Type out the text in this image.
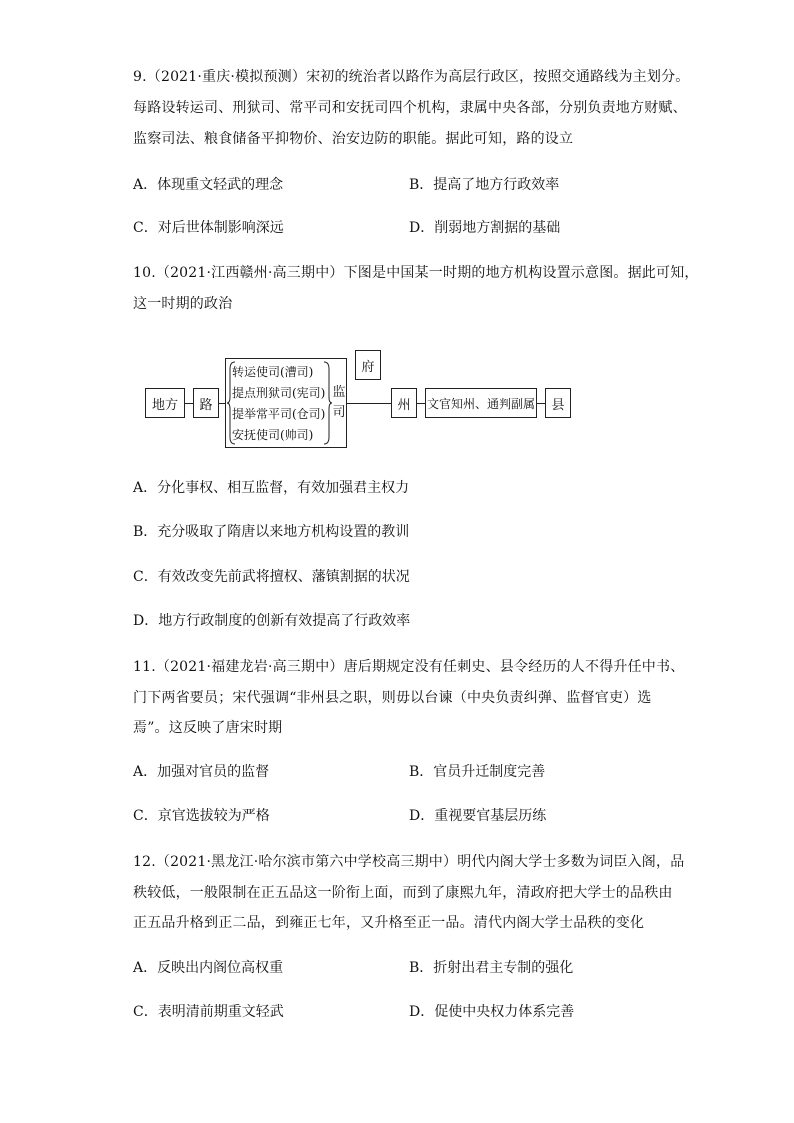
9.（2021·重庆·模拟预测）宋初的统治者以路作为高层行政区，按照交通路线为主划分。
每路设转运司、刑狱司、常平司和安抚司四个机构，隶属中央各部，分别负责地方财赋、
监察司法、粮食储备平抑物价、治安边防的职能。据此可知，路的设立
A．体现重文轻武的理念	B．提高了地方行政效率
C．对后世体制影响深远	D．削弱地方割据的基础
10.（2021·江西赣州·高三期中）下图是中国某一时期的地方机构设置示意图。据此可知，
这一时期的政治
地方	路
转运使司(漕司)
提点刑狱司(宪司)
提举常平司(仓司)
安抚使司(帅司)
监司
府
州	文官知州、通判副属	县
A．分化事权、相互监督，有效加强君主权力
B．充分吸取了隋唐以来地方机构设置的教训
C．有效改变先前武将擅权、藩镇割据的状况
D．地方行政制度的创新有效提高了行政效率
11.（2021·福建龙岩·高三期中）唐后期规定没有任刺史、县令经历的人不得升任中书、
门下两省要员；宋代强调“非州县之职，则毋以台谏（中央负责纠弹、监督官吏）选
焉”。这反映了唐宋时期
A．加强对官员的监督	B．官员升迁制度完善
C．京官选拔较为严格	D．重视要官基层历练
12.（2021·黑龙江·哈尔滨市第六中学校高三期中）明代内阁大学士多数为词臣入阁，品
秩较低，一般限制在正五品这一阶衔上面，而到了康熙九年，清政府把大学士的品秩由
正五品升格到正二品，到雍正七年，又升格至正一品。清代内阁大学士品秩的变化
A．反映出内阁位高权重	B．折射出君主专制的强化
C．表明清前期重文轻武	D．促使中央权力体系完善
